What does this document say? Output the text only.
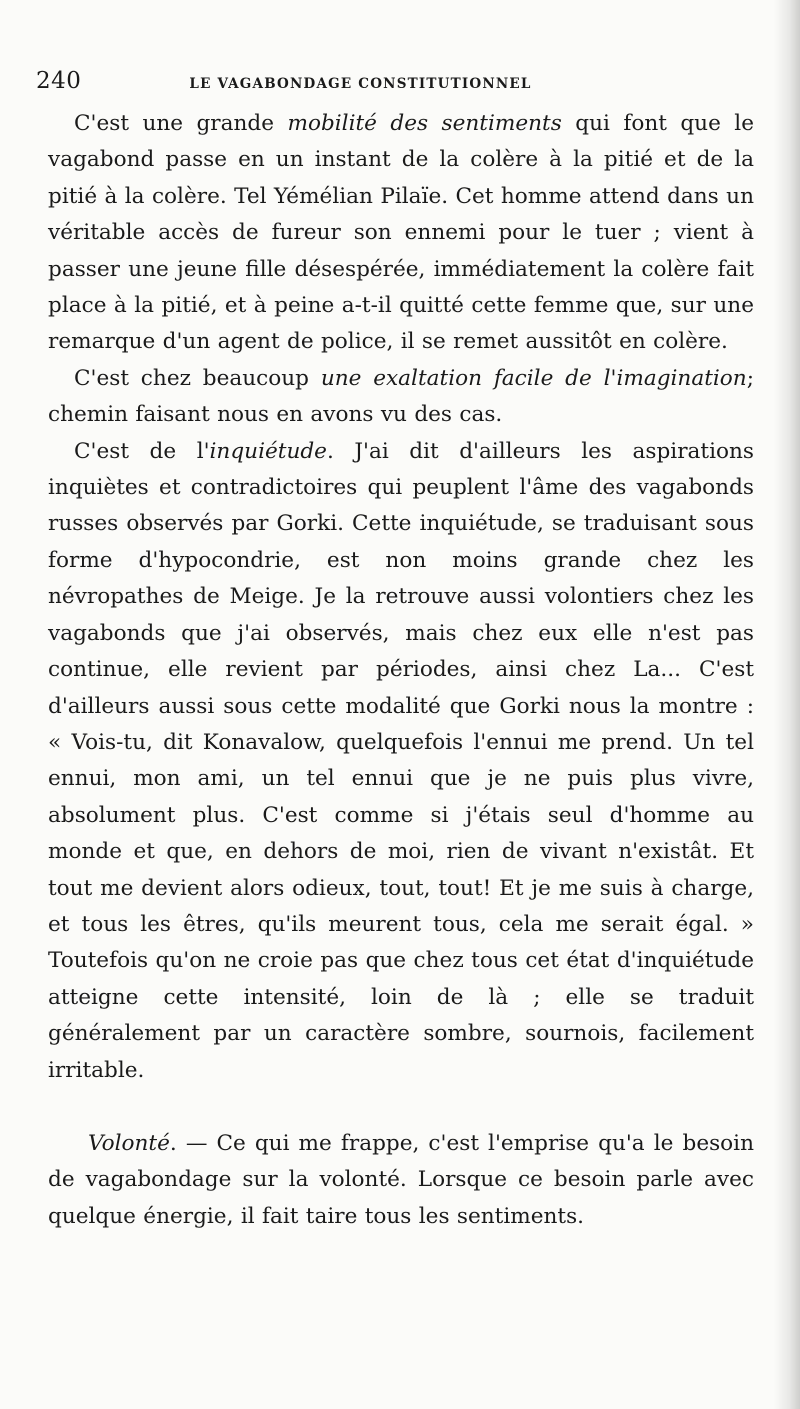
240	LE VAGABONDAGE CONSTITUTIONNEL

C'est une grande mobilité des sentiments qui font que le vagabond passe en un instant de la colère à la pitié et de la pitié à la colère. Tel Yémélian Pilaïe. Cet homme attend dans un véritable accès de fureur son ennemi pour le tuer ; vient à passer une jeune fille désespérée, immédiatement la colère fait place à la pitié, et à peine a-t-il quitté cette femme que, sur une remarque d'un agent de police, il se remet aussitôt en colère.

C'est chez beaucoup une exaltation facile de l'imagination; chemin faisant nous en avons vu des cas.

C'est de l'inquiétude. J'ai dit d'ailleurs les aspirations inquiètes et contradictoires qui peuplent l'âme des vagabonds russes observés par Gorki. Cette inquiétude, se traduisant sous forme d'hypocondrie, est non moins grande chez les névropathes de Meige. Je la retrouve aussi volontiers chez les vagabonds que j'ai observés, mais chez eux elle n'est pas continue, elle revient par périodes, ainsi chez La... C'est d'ailleurs aussi sous cette modalité que Gorki nous la montre : « Vois-tu, dit Konavalow, quelquefois l'ennui me prend. Un tel ennui, mon ami, un tel ennui que je ne puis plus vivre, absolument plus. C'est comme si j'étais seul d'homme au monde et que, en dehors de moi, rien de vivant n'existât. Et tout me devient alors odieux, tout, tout! Et je me suis à charge, et tous les êtres, qu'ils meurent tous, cela me serait égal. » Toutefois qu'on ne croie pas que chez tous cet état d'inquiétude atteigne cette intensité, loin de là ; elle se traduit généralement par un caractère sombre, sournois, facilement irritable.

Volonté. — Ce qui me frappe, c'est l'emprise qu'a le besoin de vagabondage sur la volonté. Lorsque ce besoin parle avec quelque énergie, il fait taire tous les sentiments.
